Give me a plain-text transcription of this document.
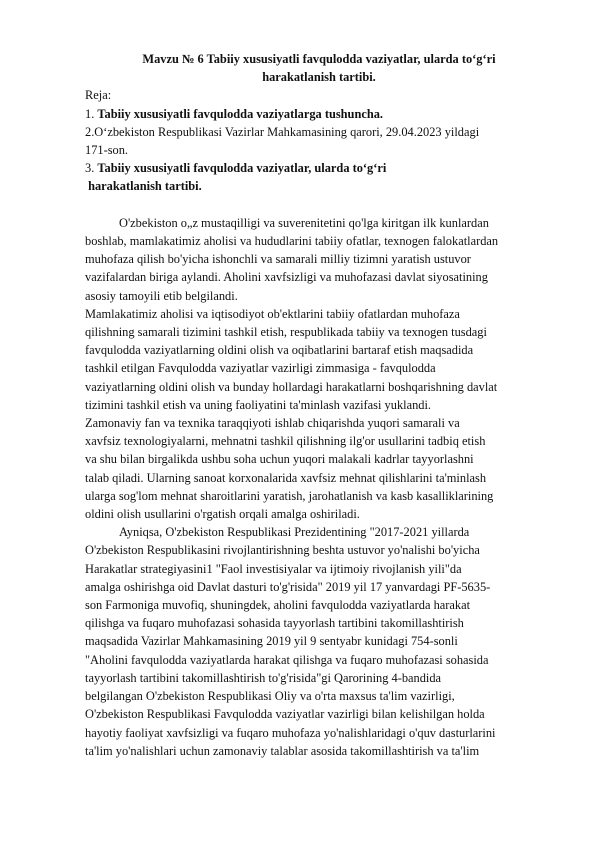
Mavzu № 6 Tabiiy xususiyatli favqulodda vaziyatlar, ularda to‘g‘ri
harakatlanish tartibi.
Reja:
1. Tabiiy xususiyatli favqulodda vaziyatlarga tushuncha.
2.O‘zbekiston Respublikasi Vazirlar Mahkamasining qarori, 29.04.2023 yildagi
171-son.
3. Tabiiy xususiyatli favqulodda vaziyatlar, ularda to‘g‘ri
harakatlanish tartibi.
O'zbekiston o„z mustaqilligi va suverenitetini qo'lga kiritgan ilk kunlardan
boshlab, mamlakatimiz aholisi va hududlarini tabiiy ofatlar, texnogen falokatlardan
muhofaza qilish bo'yicha ishonchli va samarali milliy tizimni yaratish ustuvor
vazifalardan biriga aylandi. Aholini xavfsizligi va muhofazasi davlat siyosatining
asosiy tamoyili etib belgilandi.
Mamlakatimiz aholisi va iqtisodiyot ob'ektlarini tabiiy ofatlardan muhofaza
qilishning samarali tizimini tashkil etish, respublikada tabiiy va texnogen tusdagi
favqulodda vaziyatlarning oldini olish va oqibatlarini bartaraf etish maqsadida
tashkil etilgan Favqulodda vaziyatlar vazirligi zimmasiga - favqulodda
vaziyatlarning oldini olish va bunday hollardagi harakatlarni boshqarishning davlat
tizimini tashkil etish va uning faoliyatini ta'minlash vazifasi yuklandi.
Zamonaviy fan va texnika taraqqiyoti ishlab chiqarishda yuqori samarali va
xavfsiz texnologiyalarni, mehnatni tashkil qilishning ilg'or usullarini tadbiq etish
va shu bilan birgalikda ushbu soha uchun yuqori malakali kadrlar tayyorlashni
talab qiladi. Ularning sanoat korxonalarida xavfsiz mehnat qilishlarini ta'minlash
ularga sog'lom mehnat sharoitlarini yaratish, jarohatlanish va kasb kasalliklarining
oldini olish usullarini o'rgatish orqali amalga oshiriladi.
Ayniqsa, O'zbekiston Respublikasi Prezidentining "2017-2021 yillarda
O'zbekiston Respublikasini rivojlantirishning beshta ustuvor yo'nalishi bo'yicha
Harakatlar strategiyasini1 "Faol investisiyalar va ijtimoiy rivojlanish yili"da
amalga oshirishga oid Davlat dasturi to'g'risida" 2019 yil 17 yanvardagi PF-5635-
son Farmoniga muvofiq, shuningdek, aholini favqulodda vaziyatlarda harakat
qilishga va fuqaro muhofazasi sohasida tayyorlash tartibini takomillashtirish
maqsadida Vazirlar Mahkamasining 2019 yil 9 sentyabr kunidagi 754-sonli
"Aholini favqulodda vaziyatlarda harakat qilishga va fuqaro muhofazasi sohasida
tayyorlash tartibini takomillashtirish to'g'risida"gi Qarorining 4-bandida
belgilangan O'zbekiston Respublikasi Oliy va o'rta maxsus ta'lim vazirligi,
O'zbekiston Respublikasi Favqulodda vaziyatlar vazirligi bilan kelishilgan holda
hayotiy faoliyat xavfsizligi va fuqaro muhofaza yo'nalishlaridagi o'quv dasturlarini
ta'lim yo'nalishlari uchun zamonaviy talablar asosida takomillashtirish va ta'lim
